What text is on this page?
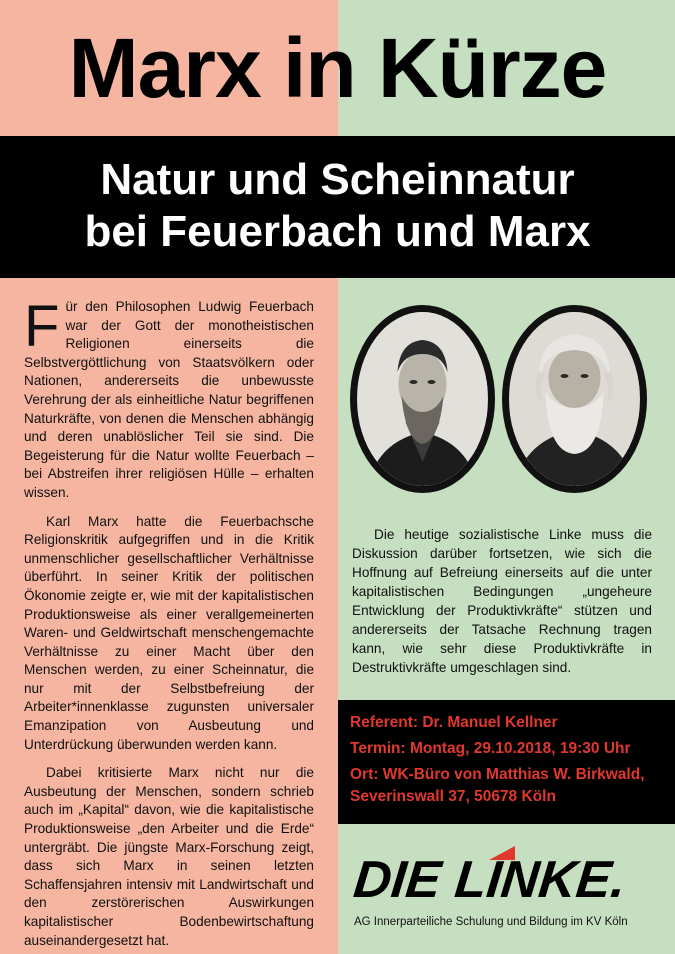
Marx in Kürze
Natur und Scheinnatur
bei Feuerbach und Marx

Für den Philosophen Ludwig Feuerbach war der Gott der monotheistischen Religionen einerseits die Selbstvergöttlichung von Staatsvölkern oder Nationen, andererseits die unbewusste Verehrung der als einheitliche Natur begriffenen Naturkräfte, von denen die Menschen abhängig und deren unablöslicher Teil sie sind. Die Begeisterung für die Natur wollte Feuerbach – bei Abstreifen ihrer religiösen Hülle – erhalten wissen.

Karl Marx hatte die Feuerbachsche Religionskritik aufgegriffen und in die Kritik unmenschlicher gesellschaftlicher Verhältnisse überführt. In seiner Kritik der politischen Ökonomie zeigte er, wie mit der kapitalistischen Produktionsweise als einer verallgemeinerten Waren- und Geldwirtschaft menschengemachte Verhältnisse zu einer Macht über den Menschen werden, zu einer Scheinnatur, die nur mit der Selbstbefreiung der Arbeiter*innenklasse zugunsten universaler Emanzipation von Ausbeutung und Unterdrückung überwunden werden kann.

Dabei kritisierte Marx nicht nur die Ausbeutung der Menschen, sondern schrieb auch im „Kapital“ davon, wie die kapitalistische Produktionsweise „den Arbeiter und die Erde“ untergräbt. Die jüngste Marx-Forschung zeigt, dass sich Marx in seinen letzten Schaffensjahren intensiv mit Landwirtschaft und den zerstörerischen Auswirkungen kapitalistischer Bodenbewirtschaftung auseinandergesetzt hat.

Die heutige sozialistische Linke muss die Diskussion darüber fortsetzen, wie sich die Hoffnung auf Befreiung einerseits auf die unter kapitalistischen Bedingungen „ungeheure Entwicklung der Produktivkräfte“ stützen und andererseits der Tatsache Rechnung tragen kann, wie sehr diese Produktivkräfte in Destruktivkräfte umgeschlagen sind.

Referent: Dr. Manuel Kellner
Termin: Montag, 29.10.2018, 19:30 Uhr
Ort: WK-Büro von Matthias W. Birkwald,
Severinswall 37, 50678 Köln
DIE LINKE.
AG Innerparteiliche Schulung und Bildung im KV Köln
